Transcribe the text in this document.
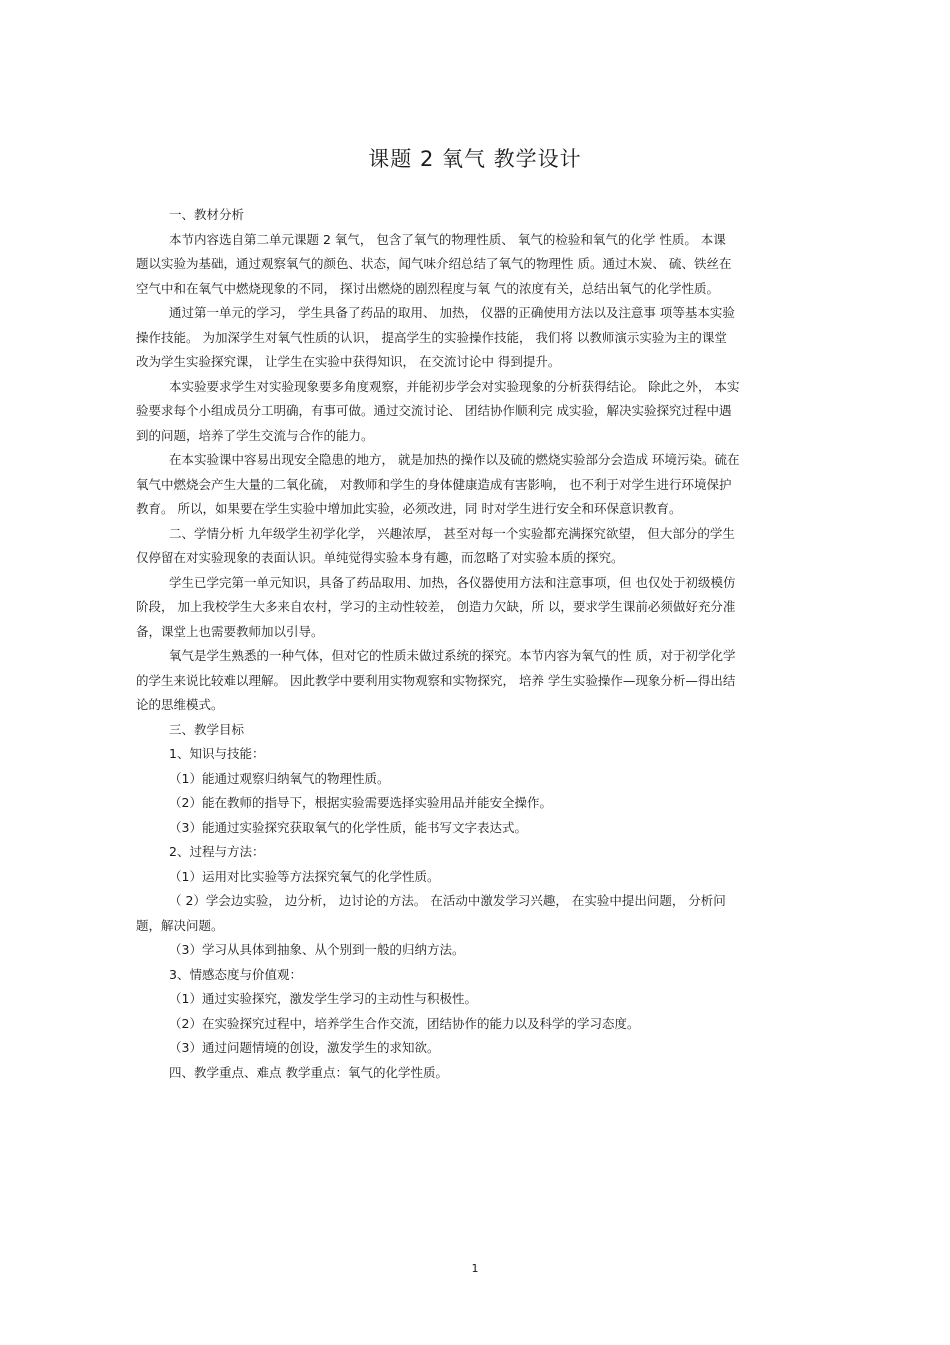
课题 2 氧气 教学设计
一、教材分析
本节内容选自第二单元课题 2 氧气， 包含了氧气的物理性质、 氧气的检验和氧气的化学 性质。 本课
题以实验为基础，通过观察氧气的颜色、状态，闻气味介绍总结了氧气的物理性 质。通过木炭、 硫、铁丝在
空气中和在氧气中燃烧现象的不同， 探讨出燃烧的剧烈程度与氧 气的浓度有关，总结出氧气的化学性质。
通过第一单元的学习， 学生具备了药品的取用、 加热， 仪器的正确使用方法以及注意事 项等基本实验
操作技能。 为加深学生对氧气性质的认识， 提高学生的实验操作技能， 我们将 以教师演示实验为主的课堂
改为学生实验探究课， 让学生在实验中获得知识， 在交流讨论中 得到提升。
本实验要求学生对实验现象要多角度观察，并能初步学会对实验现象的分析获得结论。 除此之外， 本实
验要求每个小组成员分工明确，有事可做。通过交流讨论、 团结协作顺利完 成实验，解决实验探究过程中遇
到的问题，培养了学生交流与合作的能力。
在本实验课中容易出现安全隐患的地方， 就是加热的操作以及硫的燃烧实验部分会造成 环境污染。硫在
氧气中燃烧会产生大量的二氧化硫， 对教师和学生的身体健康造成有害影响， 也不利于对学生进行环境保护
教育。 所以，如果要在学生实验中增加此实验，必须改进，同 时对学生进行安全和环保意识教育。
二、学情分析 九年级学生初学化学， 兴趣浓厚， 甚至对每一个实验都充满探究欲望， 但大部分的学生
仅停留在对实验现象的表面认识。单纯觉得实验本身有趣，而忽略了对实验本质的探究。
学生已学完第一单元知识，具备了药品取用、加热，各仪器使用方法和注意事项，但 也仅处于初级模仿
阶段， 加上我校学生大多来自农村，学习的主动性较差， 创造力欠缺，所 以，要求学生课前必须做好充分准
备，课堂上也需要教师加以引导。
氧气是学生熟悉的一种气体，但对它的性质未做过系统的探究。本节内容为氧气的性 质，对于初学化学
的学生来说比较难以理解。 因此教学中要利用实物观察和实物探究， 培养 学生实验操作—现象分析—得出结
论的思维模式。
三、教学目标
1、知识与技能：
（1）能通过观察归纳氧气的物理性质。
（2）能在教师的指导下，根据实验需要选择实验用品并能安全操作。
（3）能通过实验探究获取氧气的化学性质，能书写文字表达式。
2、过程与方法：
（1）运用对比实验等方法探究氧气的化学性质。
（ 2）学会边实验， 边分析， 边讨论的方法。 在活动中激发学习兴趣， 在实验中提出问题， 分析问
题，解决问题。
（3）学习从具体到抽象、从个别到一般的归纳方法。
3、情感态度与价值观：
（1）通过实验探究，激发学生学习的主动性与积极性。
（2）在实验探究过程中，培养学生合作交流，团结协作的能力以及科学的学习态度。
（3）通过问题情境的创设，激发学生的求知欲。
四、教学重点、难点 教学重点：氧气的化学性质。
1
